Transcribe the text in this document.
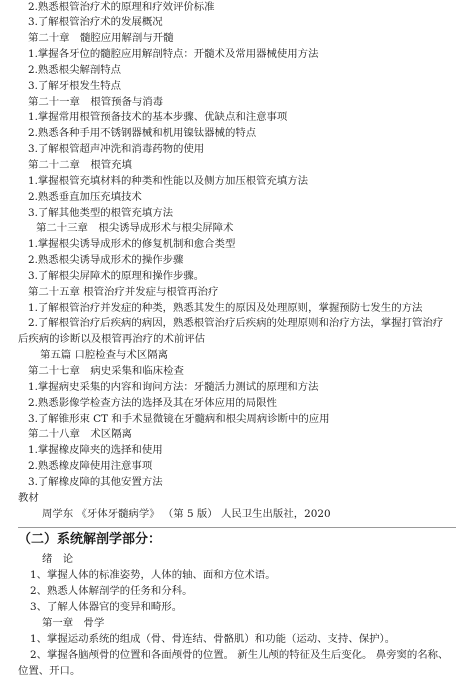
2.熟悉根管治疗术的原理和疗效评价标准
3.了解根管治疗术的发展概况
第二十章　髓腔应用解剖与开髓
1.掌握各牙位的髓腔应用解剖特点：开髓术及常用器械使用方法
2.熟悉根尖解剖特点
3.了解牙根发生特点
第二十一章　根管预备与消毒
1.掌握常用根管预备技术的基本步骤、优缺点和注意事项
2.熟悉各种手用不锈钢器械和机用镍钛器械的特点
3.了解根管超声冲洗和消毒药物的使用
第二十二章　根管充填
1.掌握根管充填材料的种类和性能以及侧方加压根管充填方法
2.熟悉垂直加压充填技术
3.了解其他类型的根管充填方法
第二十三章　根尖诱导成形术与根尖屏障术
1.掌握根尖诱导成形术的修复机制和愈合类型
2.熟悉根尖诱导成形术的操作步骤
3.了解根尖屏障术的原理和操作步骤。
第二十五章 根管治疗并发症与根管再治疗
1.了解根管治疗并发症的种类，熟悉其发生的原因及处理原则，掌握预防七发生的方法
2.了解根管治疗后疾病的病因，熟悉根管治疗后疾病的处理原则和治疗方法，掌握打管治疗
后疾病的诊断以及根管再治疗的术前评估
第五篇 口腔检查与术区隔离
第二十七章　病史采集和临床检查
1.掌握病史采集的内容和询问方法：牙髓活力测试的原理和方法
2.熟悉影像学检查方法的选择及其在牙体应用的局限性
3.了解锥形束 CT 和手术显微镜在牙髓病和根尖周病诊断中的应用
第二十八章　术区隔离
1.掌握橡皮障夹的选择和使用
2.熟悉橡皮障使用注意事项
3.了解橡皮障的其他安置方法
教材
周学东 《牙体牙髓病学》 （第 5 版） 人民卫生出版社，2020
（二）系统解剖学部分：
绪　论
1、掌握人体的标准姿势，人体的轴、面和方位术语。
2、熟悉人体解剖学的任务和分科。
3、了解人体器官的变异和畸形。
第一章　骨学
1、掌握运动系统的组成（骨、骨连结、骨骼肌）和功能（运动、支持、保护）。
2、掌握各脑颅骨的位置和各面颅骨的位置。 新生儿颅的特征及生后变化。 鼻旁窦的名称、
位置、开口。
